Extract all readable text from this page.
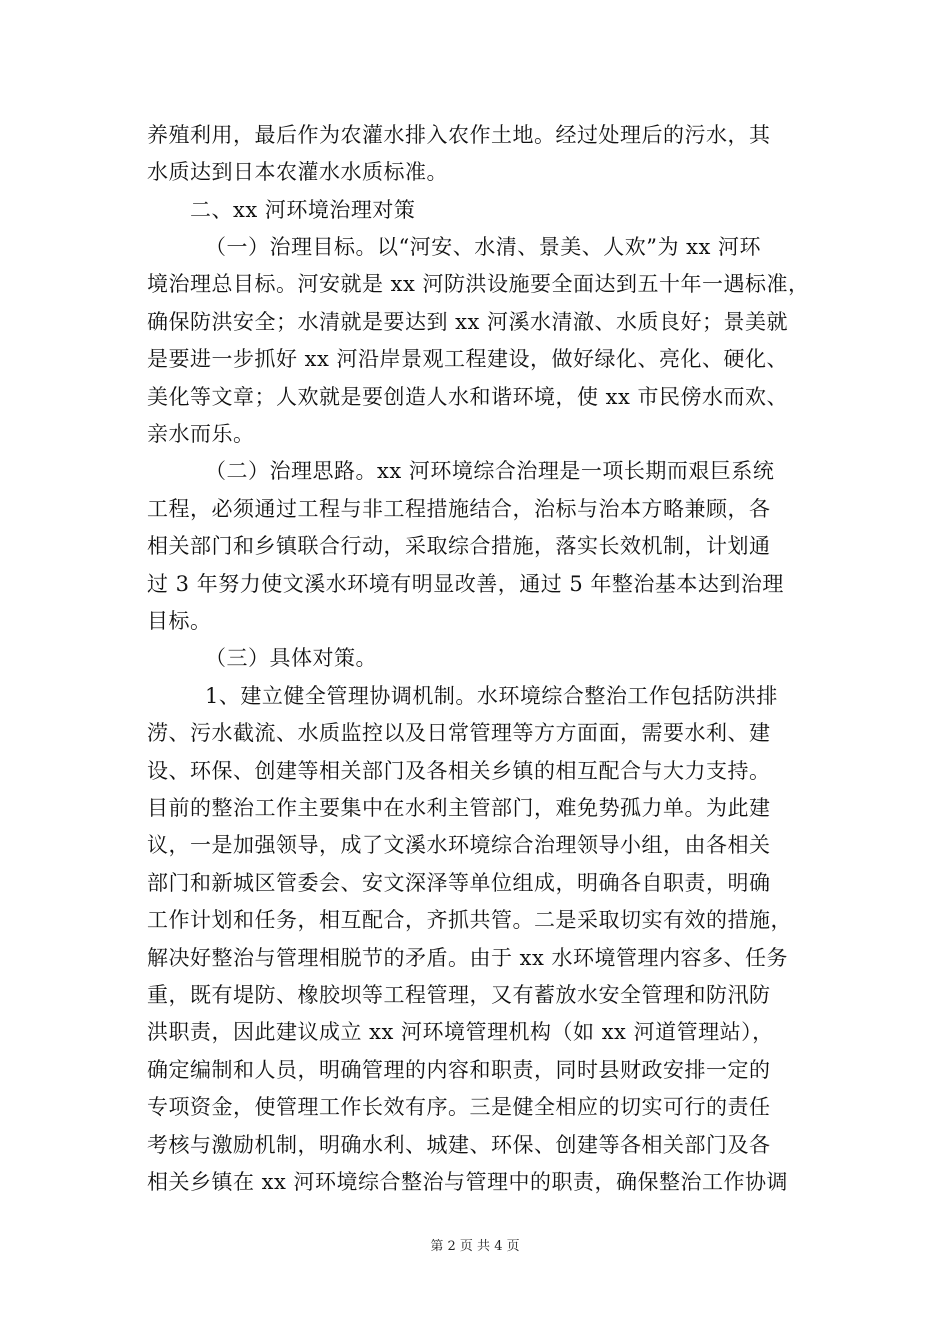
养殖利用，最后作为农灌水排入农作土地。经过处理后的污水，其
水质达到日本农灌水水质标准。
二、xx 河环境治理对策
（一）治理目标。以“河安、水清、景美、人欢”为 xx 河环
境治理总目标。河安就是 xx 河防洪设施要全面达到五十年一遇标准，
确保防洪安全；水清就是要达到 xx 河溪水清澈、水质良好；景美就
是要进一步抓好 xx 河沿岸景观工程建设，做好绿化、亮化、硬化、
美化等文章；人欢就是要创造人水和谐环境，使 xx 市民傍水而欢、
亲水而乐。
（二）治理思路。xx 河环境综合治理是一项长期而艰巨系统
工程，必须通过工程与非工程措施结合，治标与治本方略兼顾，各
相关部门和乡镇联合行动，采取综合措施，落实长效机制，计划通
过 3 年努力使文溪水环境有明显改善，通过 5 年整治基本达到治理
目标。
（三）具体对策。
1、建立健全管理协调机制。水环境综合整治工作包括防洪排
涝、污水截流、水质监控以及日常管理等方方面面，需要水利、建
设、环保、创建等相关部门及各相关乡镇的相互配合与大力支持。
目前的整治工作主要集中在水利主管部门，难免势孤力单。为此建
议，一是加强领导，成了文溪水环境综合治理领导小组，由各相关
部门和新城区管委会、安文深泽等单位组成，明确各自职责，明确
工作计划和任务，相互配合，齐抓共管。二是采取切实有效的措施，
解决好整治与管理相脱节的矛盾。由于 xx 水环境管理内容多、任务
重，既有堤防、橡胶坝等工程管理，又有蓄放水安全管理和防汛防
洪职责，因此建议成立 xx 河环境管理机构（如 xx 河道管理站），
确定编制和人员，明确管理的内容和职责，同时县财政安排一定的
专项资金，使管理工作长效有序。三是健全相应的切实可行的责任
考核与激励机制，明确水利、城建、环保、创建等各相关部门及各
相关乡镇在 xx 河环境综合整治与管理中的职责，确保整治工作协调
第 2 页 共 4 页
